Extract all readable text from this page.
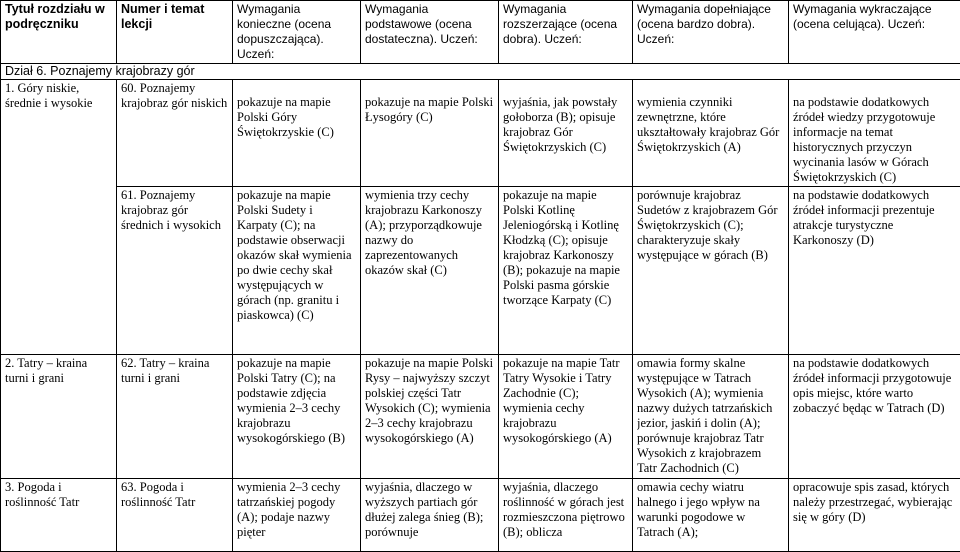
Tytuł rozdziału w podręczniku	Numer i temat lekcji	Wymagania konieczne (ocena dopuszczająca). Uczeń:	Wymagania podstawowe (ocena dostateczna). Uczeń:	Wymagania rozszerzające (ocena dobra). Uczeń:	Wymagania dopełniające (ocena bardzo dobra). Uczeń:	Wymagania wykraczające (ocena celująca). Uczeń:
Dział 6. Poznajemy krajobrazy gór						
1. Góry niskie, średnie i wysokie	60. Poznajemy krajobraz gór niskich	pokazuje na mapie Polski Góry Świętokrzyskie (C)	pokazuje na mapie Polski Łysogóry (C)	wyjaśnia, jak powstały gołoborza (B); opisuje krajobraz Gór Świętokrzyskich (C)	wymienia czynniki zewnętrzne, które ukształtowały krajobraz Gór Świętokrzyskich (A)	na podstawie dodatkowych źródeł wiedzy przygotowuje informacje na temat historycznych przyczyn wycinania lasów w Górach Świętokrzyskich (C)

	61. Poznajemy krajobraz gór średnich i wysokich	pokazuje na mapie Polski Sudety i Karpaty (C); na podstawie obserwacji okazów skał wymienia po dwie cechy skał występujących w górach (np. granitu i piaskowca) (C)	wymienia trzy cechy krajobrazu Karkonoszy (A); przyporządkowuje nazwy do zaprezentowanych okazów skał (C)	pokazuje na mapie Polski Kotlinę Jeleniogórską i Kotlinę Kłodzką (C); opisuje krajobraz Karkonoszy (B); pokazuje na mapie Polski pasma górskie tworzące Karpaty (C)	porównuje krajobraz Sudetów z krajobrazem Gór Świętokrzyskich (C); charakteryzuje skały występujące w górach (B)	na podstawie dodatkowych źródeł informacji prezentuje atrakcje turystyczne Karkonoszy (D)

2. Tatry – kraina turni i grani	62. Tatry – kraina turni i grani	pokazuje na mapie Polski Tatry (C); na podstawie zdjęcia wymienia 2–3 cechy krajobrazu wysokogórskiego (B)	pokazuje na mapie Polski Rysy – najwyższy szczyt polskiej części Tatr Wysokich (C); wymienia 2–3 cechy krajobrazu wysokogórskiego (A)	pokazuje na mapie Tatr Tatry Wysokie i Tatry Zachodnie (C); wymienia cechy krajobrazu wysokogórskiego (A)	omawia formy skalne występujące w Tatrach Wysokich (A); wymienia nazwy dużych tatrzańskich jezior, jaskiń i dolin (A); porównuje krajobraz Tatr Wysokich z krajobrazem Tatr Zachodnich (C)	na podstawie dodatkowych źródeł informacji przygotowuje opis miejsc, które warto zobaczyć będąc w Tatrach (D)

3. Pogoda i roślinność Tatr	63. Pogoda i roślinność Tatr	wymienia 2–3 cechy tatrzańskiej pogody (A); podaje nazwy pięter	wyjaśnia, dlaczego w wyższych partiach gór dłużej zalega śnieg (B); porównuje	wyjaśnia, dlaczego roślinność w górach jest rozmieszczona piętrowo (B); oblicza	omawia cechy wiatru halnego i jego wpływ na warunki pogodowe w Tatrach (A);	opracowuje spis zasad, których należy przestrzegać, wybierając się w góry (D)
